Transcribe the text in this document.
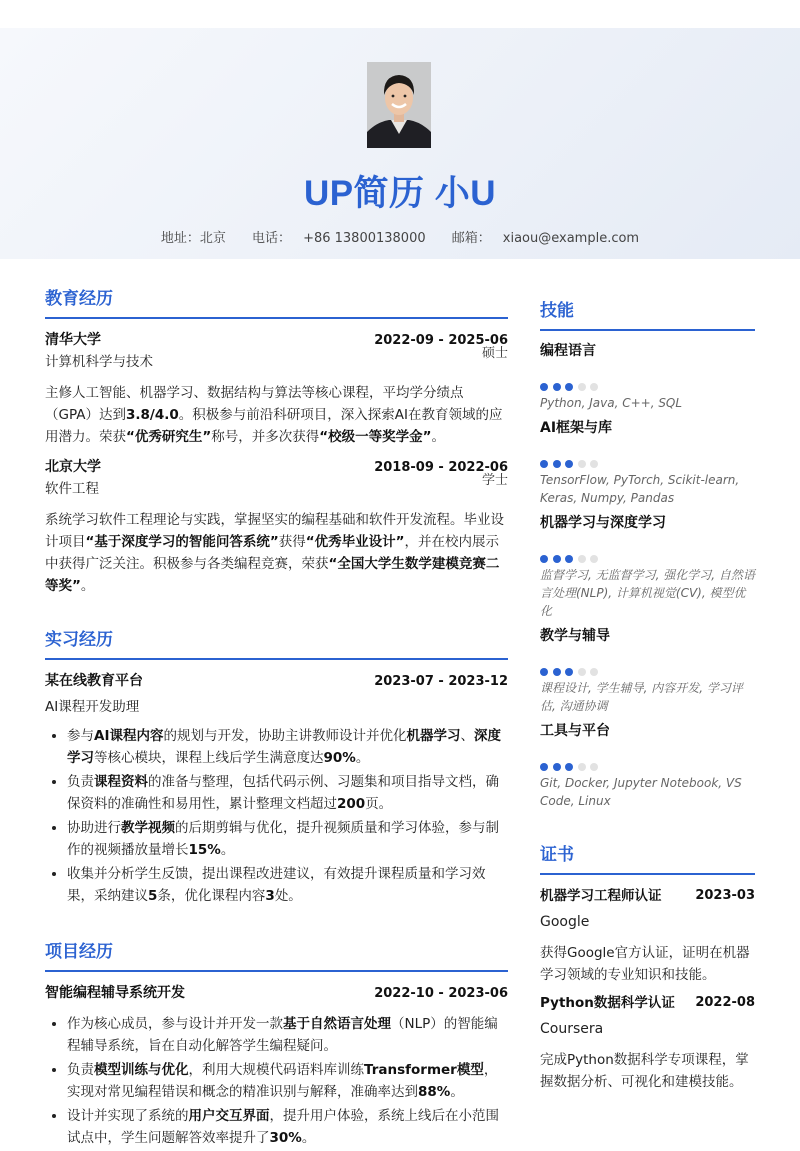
UP简历 小U
地址：北京 电话： +86 13800138000 邮箱： xiaou@example.com
教育经历
清华大学	2022-09 - 2025-06
计算机科学与技术
硕士
主修人工智能、机器学习、数据结构与算法等核心课程，平均学分绩点（GPA）达到3.8/4.0。积极参与前沿科研项目，深入探索AI在教育领域的应用潜力。荣获“优秀研究生”称号，并多次获得“校级一等奖学金”。
北京大学	2018-09 - 2022-06
软件工程
学士
系统学习软件工程理论与实践，掌握坚实的编程基础和软件开发流程。毕业设计项目“基于深度学习的智能问答系统”获得“优秀毕业设计”，并在校内展示中获得广泛关注。积极参与各类编程竞赛，荣获“全国大学生数学建模竞赛二等奖”。
实习经历
某在线教育平台	2023-07 - 2023-12
AI课程开发助理
• 参与AI课程内容的规划与开发，协助主讲教师设计并优化机器学习、深度学习等核心模块，课程上线后学生满意度达90%。
• 负责课程资料的准备与整理，包括代码示例、习题集和项目指导文档，确保资料的准确性和易用性，累计整理文档超过200页。
• 协助进行教学视频的后期剪辑与优化，提升视频质量和学习体验，参与制作的视频播放量增长15%。
• 收集并分析学生反馈，提出课程改进建议，有效提升课程质量和学习效果，采纳建议5条，优化课程内容3处。
项目经历
智能编程辅导系统开发	2022-10 - 2023-06
• 作为核心成员，参与设计并开发一款基于自然语言处理（NLP）的智能编程辅导系统，旨在自动化解答学生编程疑问。
• 负责模型训练与优化，利用大规模代码语料库训练Transformer模型，实现对常见编程错误和概念的精准识别与解释，准确率达到88%。
• 设计并实现了系统的用户交互界面，提升用户体验，系统上线后在小范围试点中，学生问题解答效率提升了30%。
技能
编程语言
Python, Java, C++, SQL
AI框架与库
TensorFlow, PyTorch, Scikit-learn, Keras, Numpy, Pandas
机器学习与深度学习
监督学习, 无监督学习, 强化学习, 自然语言处理(NLP), 计算机视觉(CV), 模型优化
教学与辅导
课程设计, 学生辅导, 内容开发, 学习评估, 沟通协调
工具与平台
Git, Docker, Jupyter Notebook, VS Code, Linux
证书
机器学习工程师认证	2023-03
Google
获得Google官方认证，证明在机器学习领域的专业知识和技能。
Python数据科学认证 2022-08
Coursera
完成Python数据科学专项课程，掌握数据分析、可视化和建模技能。
